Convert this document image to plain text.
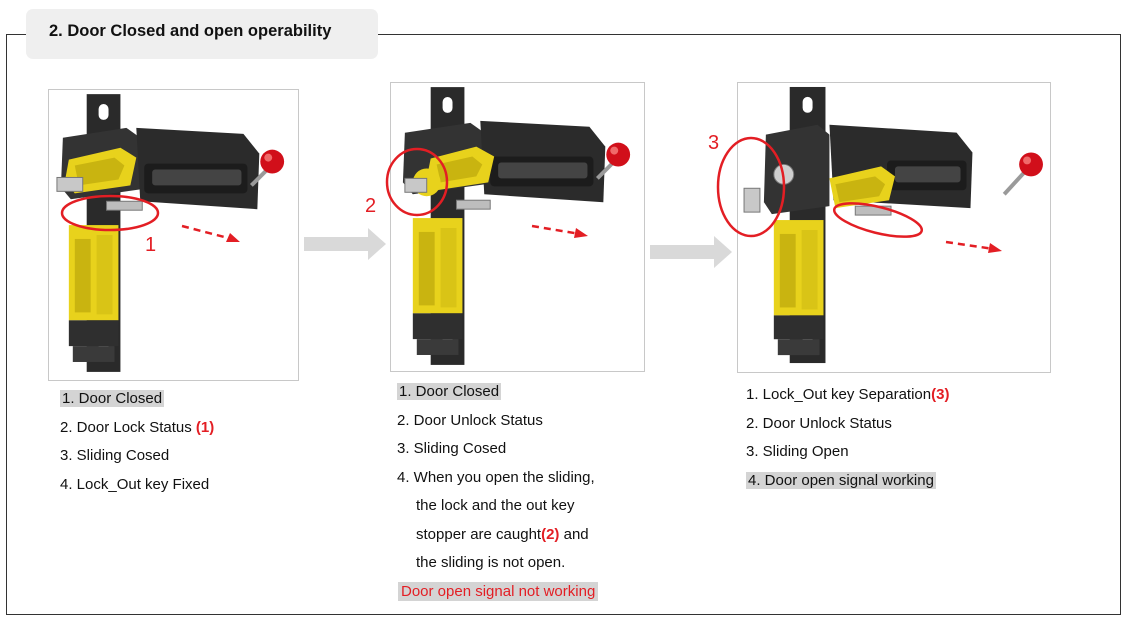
2. Door Closed and open operability
1
2
3
1. Door Closed
2. Door Lock Status (1)
3. Sliding Cosed
4. Lock_Out key Fixed
1. Door Closed
2. Door Unlock Status
3. Sliding Cosed
4. When you open the sliding,
the lock and the out key
stopper are caught(2) and
the sliding is not open.
Door open signal not working
1. Lock_Out key Separation(3)
2. Door Unlock Status
3. Sliding Open
4. Door open signal working
